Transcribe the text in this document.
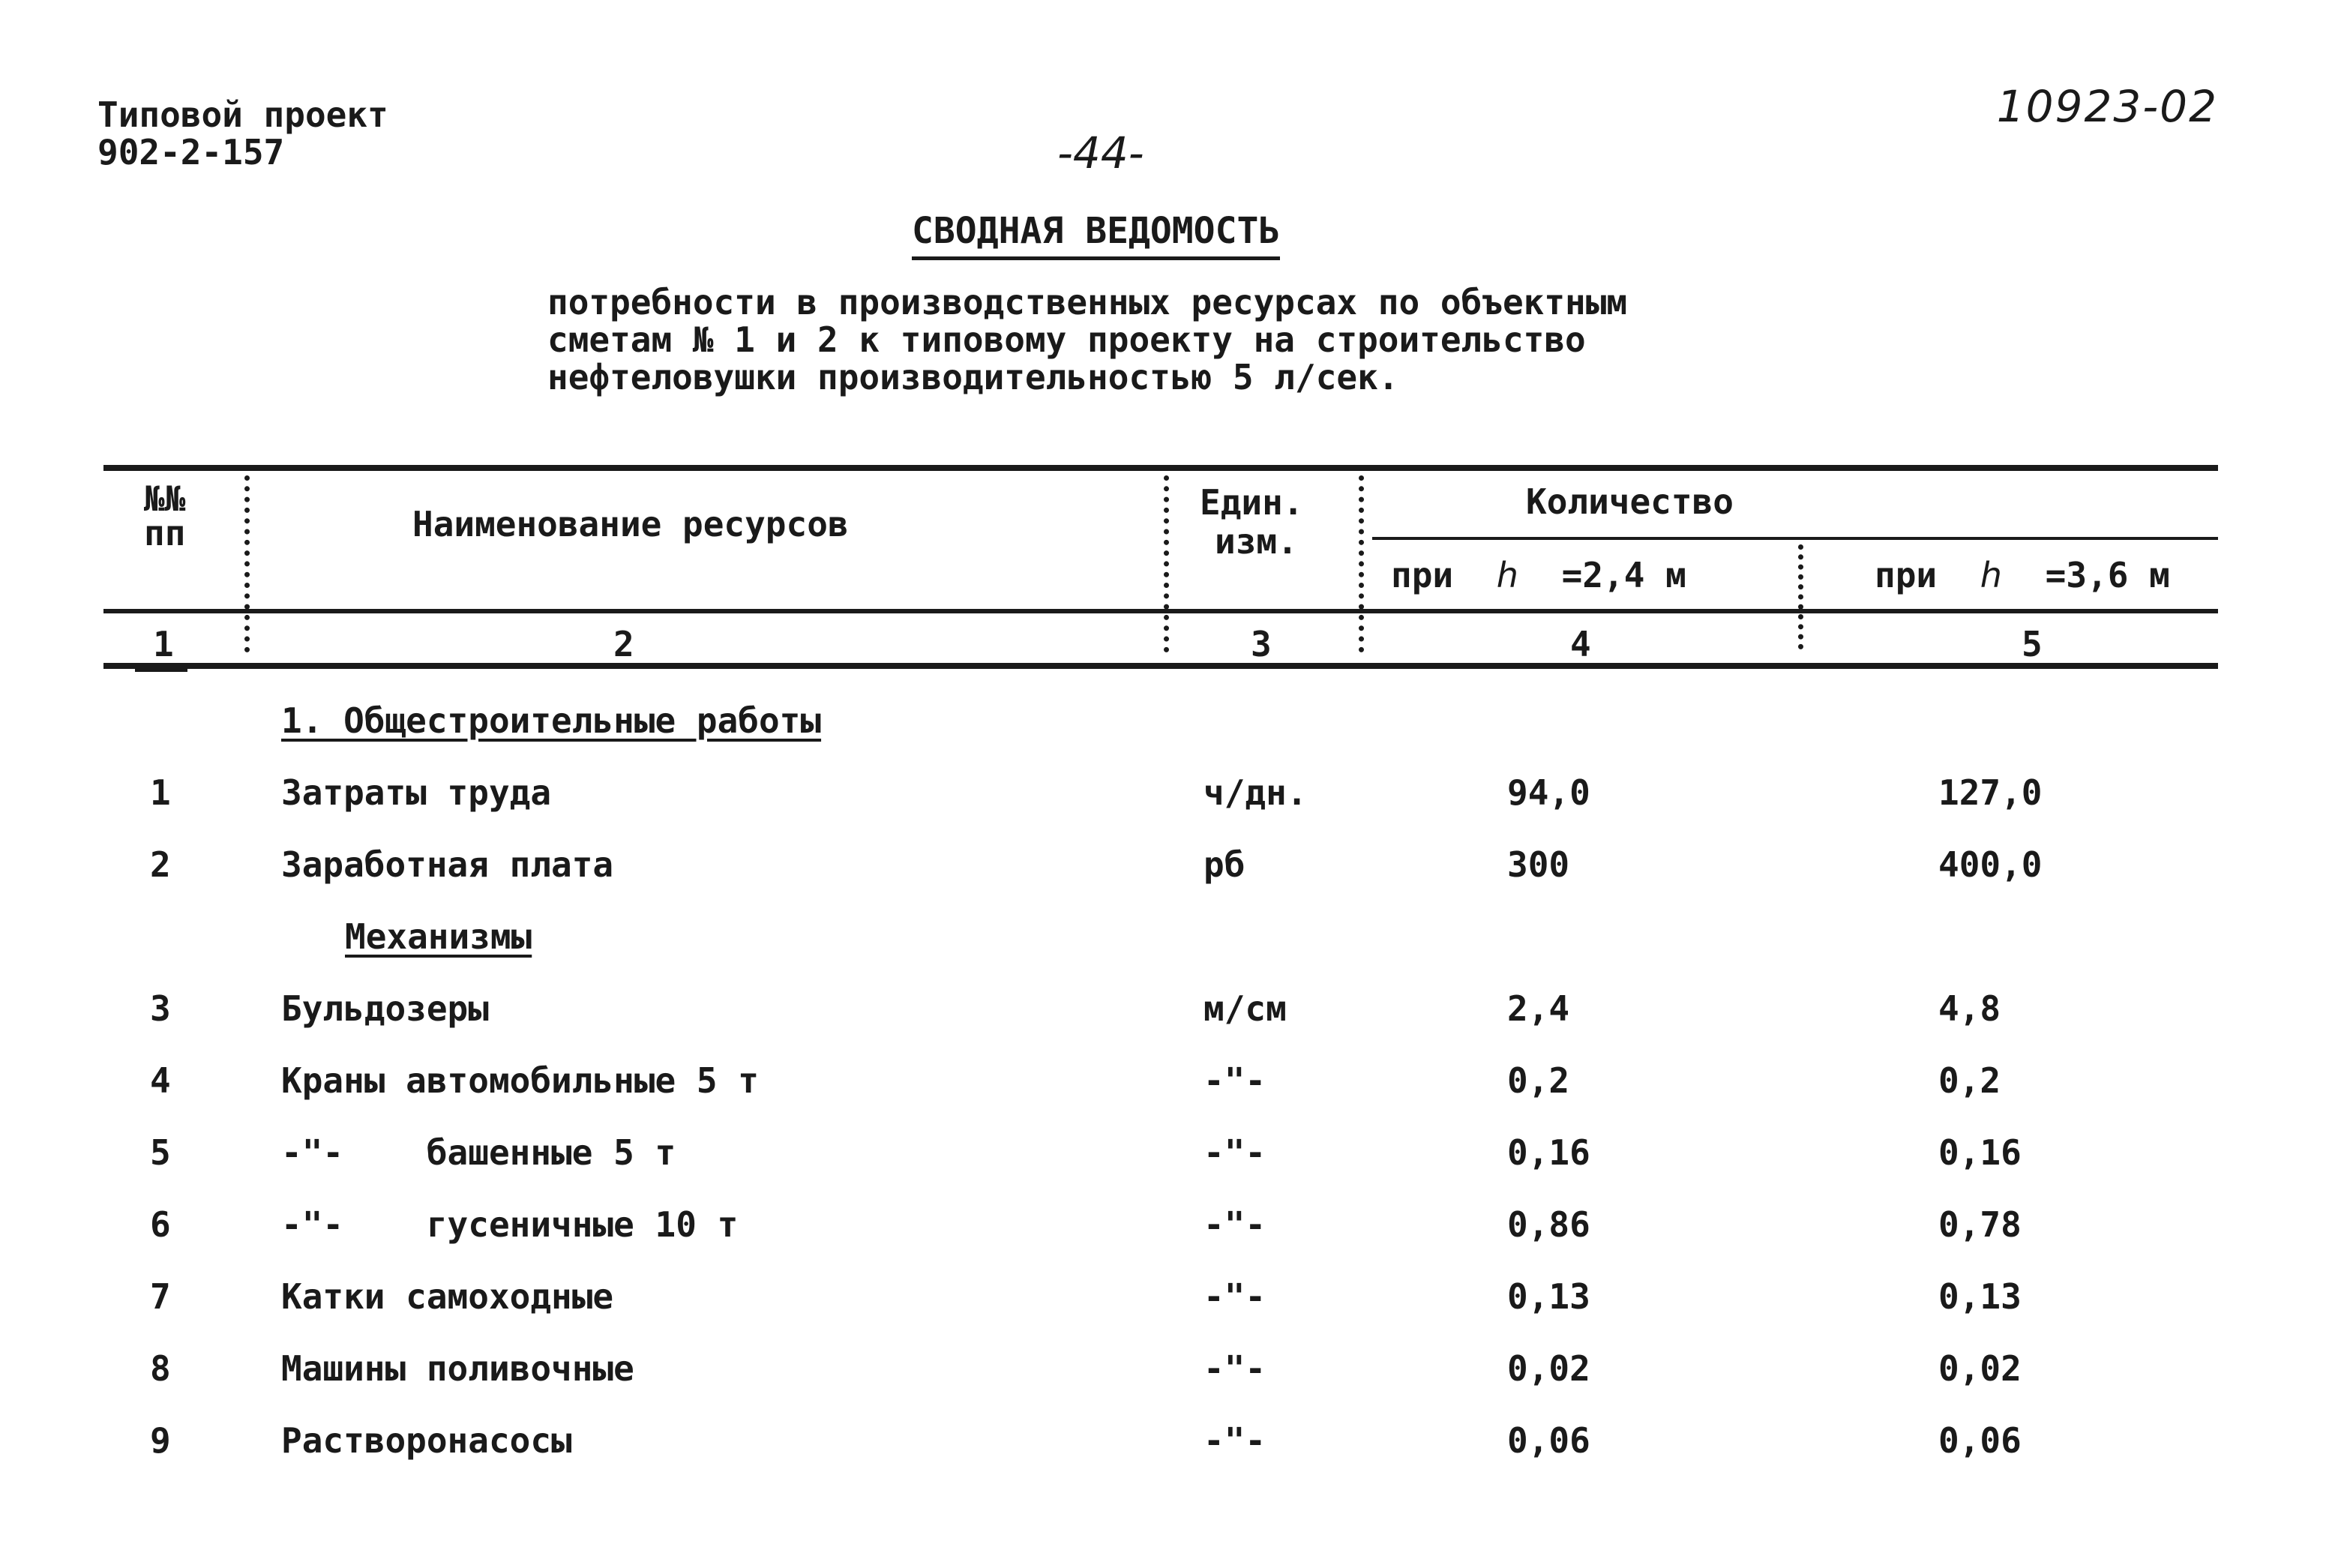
Типовой проект
902-2-157
10923-02
-44-
СВОДНАЯ ВЕДОМОСТЬ
потребности в производственных ресурсах по объектным
сметам № 1 и 2 к типовому проекту на строительство
нефтеловушки производительностью 5 л/сек.
№№
пп	Наименование ресурсов
Един.
изм.
Количество
при h =2,4 м	при h =3,6 м
1	2	3	4	5
1. Общестроительные работы
1	Затраты труда	ч/дн.	94,0	127,0
2	Заработная плата	рб	300	400,0
Механизмы
3	Бульдозеры	м/см	2,4	4,8
4	Краны автомобильные 5 т	-"-	0,2	0,2
5	-"-    башенные 5 т	-"-	0,16	0,16
6	-"-    гусеничные 10 т	-"-	0,86	0,78
7	Катки самоходные	-"-	0,13	0,13
8	Машины поливочные	-"-	0,02	0,02
9	Растворонасосы	-"-	0,06	0,06
